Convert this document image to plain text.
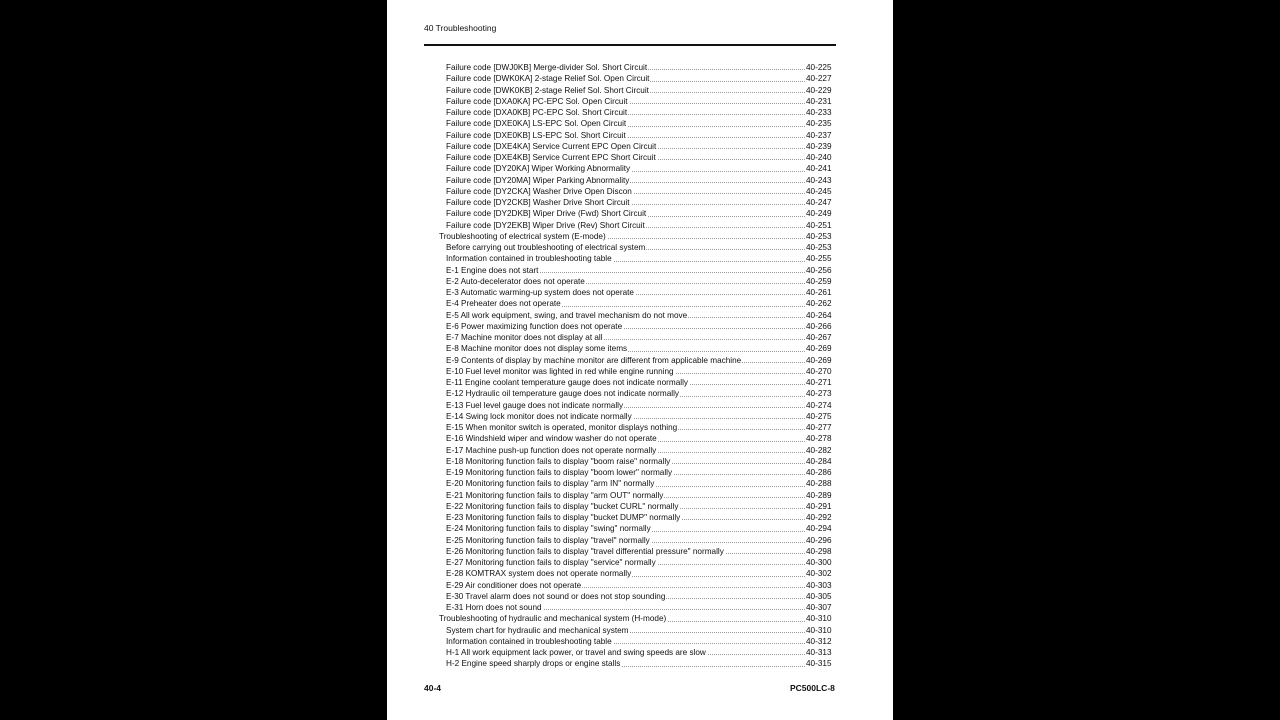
40 Troubleshooting
Failure code [DWJ0KB] Merge-divider Sol. Short Circuit	40-225
Failure code [DWK0KA] 2-stage Relief Sol. Open Circuit	40-227
Failure code [DWK0KB] 2-stage Relief Sol. Short Circuit	40-229
Failure code [DXA0KA] PC-EPC Sol. Open Circuit	40-231
Failure code [DXA0KB] PC-EPC Sol. Short Circuit	40-233
Failure code [DXE0KA] LS-EPC Sol. Open Circuit	40-235
Failure code [DXE0KB] LS-EPC Sol. Short Circuit	40-237
Failure code [DXE4KA] Service Current EPC Open Circuit	40-239
Failure code [DXE4KB] Service Current EPC Short Circuit	40-240
Failure code [DY20KA] Wiper Working Abnormality	40-241
Failure code [DY20MA] Wiper Parking Abnormality	40-243
Failure code [DY2CKA] Washer Drive Open Discon	40-245
Failure code [DY2CKB] Washer Drive Short Circuit	40-247
Failure code [DY2DKB] Wiper Drive (Fwd) Short Circuit	40-249
Failure code [DY2EKB] Wiper Drive (Rev) Short Circuit	40-251
Troubleshooting of electrical system (E-mode)	40-253
Before carrying out troubleshooting of electrical system	40-253
Information contained in troubleshooting table	40-255
E-1 Engine does not start	40-256
E-2 Auto-decelerator does not operate	40-259
E-3 Automatic warming-up system does not operate	40-261
E-4 Preheater does not operate	40-262
E-5 All work equipment, swing, and travel mechanism do not move	40-264
E-6 Power maximizing function does not operate	40-266
E-7 Machine monitor does not display at all	40-267
E-8 Machine monitor does not display some items	40-269
E-9 Contents of display by machine monitor are different from applicable machine	40-269
E-10 Fuel level monitor was lighted in red while engine running	40-270
E-11 Engine coolant temperature gauge does not indicate normally	40-271
E-12 Hydraulic oil temperature gauge does not indicate normally	40-273
E-13 Fuel level gauge does not indicate normally	40-274
E-14 Swing lock monitor does not indicate normally	40-275
E-15 When monitor switch is operated, monitor displays nothing	40-277
E-16 Windshield wiper and window washer do not operate	40-278
E-17 Machine push-up function does not operate normally	40-282
E-18 Monitoring function fails to display "boom raise" normally	40-284
E-19 Monitoring function fails to display "boom lower" normally	40-286
E-20 Monitoring function fails to display "arm IN" normally	40-288
E-21 Monitoring function fails to display "arm OUT" normally	40-289
E-22 Monitoring function fails to display "bucket CURL" normally	40-291
E-23 Monitoring function fails to display "bucket DUMP" normally	40-292
E-24 Monitoring function fails to display "swing" normally	40-294
E-25 Monitoring function fails to display "travel" normally	40-296
E-26 Monitoring function fails to display "travel differential pressure" normally	40-298
E-27 Monitoring function fails to display "service" normally	40-300
E-28 KOMTRAX system does not operate normally	40-302
E-29 Air conditioner does not operate	40-303
E-30 Travel alarm does not sound or does not stop sounding	40-305
E-31 Horn does not sound	40-307
Troubleshooting of hydraulic and mechanical system (H-mode)	40-310
System chart for hydraulic and mechanical system	40-310
Information contained in troubleshooting table	40-312
H-1 All work equipment lack power, or travel and swing speeds are slow	40-313
H-2 Engine speed sharply drops or engine stalls	40-315
40-4	PC500LC-8
